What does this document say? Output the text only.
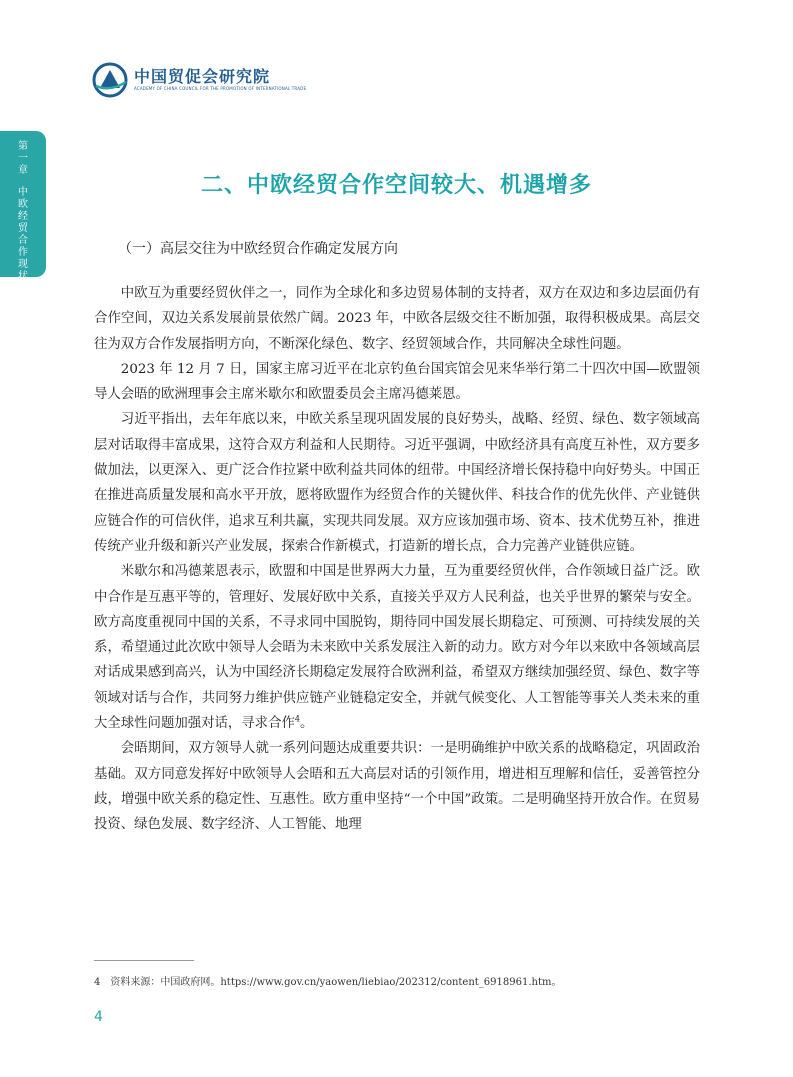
中国贸促会研究院
ACADEMY OF CHINA COUNCIL FOR THE PROMOTION OF INTERNATIONAL TRADE
第
一
章
中
欧
经
贸
合
作
现
状
二、中欧经贸合作空间较大、机遇增多
（一）高层交往为中欧经贸合作确定发展方向

中欧互为重要经贸伙伴之一，同作为全球化和多边贸易体制的支持者，双方在双边和多边层面仍有合作空间，双边关系发展前景依然广阔。2023 年，中欧各层级交往不断加强，取得积极成果。高层交往为双方合作发展指明方向，不断深化绿色、数字、经贸领域合作，共同解决全球性问题。

2023 年 12 月 7 日，国家主席习近平在北京钓鱼台国宾馆会见来华举行第二十四次中国—欧盟领导人会晤的欧洲理事会主席米歇尔和欧盟委员会主席冯德莱恩。

习近平指出，去年年底以来，中欧关系呈现巩固发展的良好势头，战略、经贸、绿色、数字领域高层对话取得丰富成果，这符合双方利益和人民期待。习近平强调，中欧经济具有高度互补性，双方要多做加法，以更深入、更广泛合作拉紧中欧利益共同体的纽带。中国经济增长保持稳中向好势头。中国正在推进高质量发展和高水平开放，愿将欧盟作为经贸合作的关键伙伴、科技合作的优先伙伴、产业链供应链合作的可信伙伴，追求互利共赢，实现共同发展。双方应该加强市场、资本、技术优势互补，推进传统产业升级和新兴产业发展，探索合作新模式，打造新的增长点，合力完善产业链供应链。

米歇尔和冯德莱恩表示，欧盟和中国是世界两大力量，互为重要经贸伙伴，合作领域日益广泛。欧中合作是互惠平等的，管理好、发展好欧中关系，直接关乎双方人民利益，也关乎世界的繁荣与安全。欧方高度重视同中国的关系，不寻求同中国脱钩，期待同中国发展长期稳定、可预测、可持续发展的关系，希望通过此次欧中领导人会晤为未来欧中关系发展注入新的动力。欧方对今年以来欧中各领域高层对话成果感到高兴，认为中国经济长期稳定发展符合欧洲利益，希望双方继续加强经贸、绿色、数字等领域对话与合作，共同努力维护供应链产业链稳定安全，并就气候变化、人工智能等事关人类未来的重大全球性问题加强对话，寻求合作$^4$。

会晤期间，双方领导人就一系列问题达成重要共识：一是明确维护中欧关系的战略稳定，巩固政治基础。双方同意发挥好中欧领导人会晤和五大高层对话的引领作用，增进相互理解和信任，妥善管控分歧，增强中欧关系的稳定性、互惠性。欧方重申坚持“一个中国”政策。二是明确坚持开放合作。在贸易投资、绿色发展、数字经济、人工智能、地理

4　资料来源：中国政府网。https://www.gov.cn/yaowen/liebiao/202312/content_6918961.htm。
4
